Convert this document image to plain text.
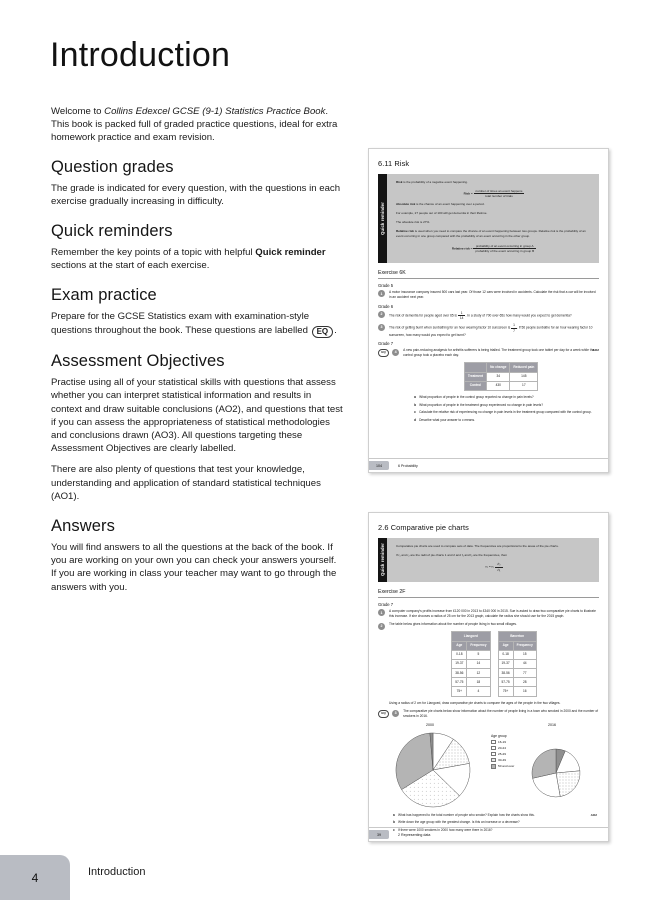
Introduction
Welcome to Collins Edexcel GCSE (9-1) Statistics Practice Book. This book is packed full of graded practice questions, ideal for extra homework practice and exam revision.
Question grades
The grade is indicated for every question, with the questions in each exercise gradually increasing in difficulty.
Quick reminders
Remember the key points of a topic with helpful Quick reminder sections at the start of each exercise.
Exam practice
Prepare for the GCSE Statistics exam with examination-style questions throughout the book. These questions are labelled EQ .
Assessment Objectives
Practise using all of your statistical skills with questions that assess whether you can interpret statistical information and results in context and draw suitable conclusions (AO2), and questions that test if you can assess the appropriateness of statistical methodologies and conclusions drawn (AO3). All questions targeting these Assessment Objectives are clearly labelled.
There are also plenty of questions that test your knowledge, understanding and application of standard statistical techniques (AO1).
Answers
You will find answers to all the questions at the back of the book. If you are working on your own you can check your answers yourself. If you are working in class your teacher may want to go through the answers with you.
6.11 Risk
Quick reminder

Risk is the probability of a negative event happening.

Risk = $\frac{\text{number of times an event happens}}{\text{total number of trials}}$

Absolute risk is the chance of an event happening over a period.

For example, 27 people out of 100 will get dementia in their lifetime.

The absolute risk is 27%.

Relative risk is used when you need to compare the chance of an event happening between two groups. Relative risk is the probability of an event occurring in one group compared with the probability of an event occurring in the other group.

Relative risk = $\frac{\text{probability of an event occurring in group A}}{\text{probability of the event occurring in group B}}$
Exercise 6K
Grade 5
1	A motor insurance company insured 500 cars last year. Of those 12 cars were involved in accidents. Calculate the risk that a car will be involved in an accident next year.
Grade 6
2	The risk of dementia for people aged over 65 is $\frac{1}{14}$ . In a study of 700 over-65s how many would you expect to get dementia?
3	The risk of getting burnt when sunbathing for an hour wearing factor 10 sunscreen is $\frac{1}{7}$ . If 56 people sunbathe for an hour wearing factor 10 sunscreen, how many would you expect to get burnt?
Grade 7
EQ	4	AO2
A new pain-reducing analgesic for arthritis sufferers is being trialled. The treatment group took one tablet per day for a week while the control group took a placebo each day.
	No change	Reduced pain
Treatment	34	145
Control	430	17
a	What proportion of people in the control group reported no change in pain levels?
b What proportion of people in the treatment group experienced no change in pain levels?
c	Calculate the relative risk of experiencing no change in pain levels in the treatment group compared with the control group.
d Describe what your answer to c means.
104	6 Probability
2.6 Comparative pie charts
Quick reminder	Comparative pie charts are used to compare sets of data. The frequencies are proportional to the areas of the pie charts.

If r₁ and r₂ are the radii of pie charts 1 and 2 and f₁ and f₂ are the frequencies, then

$r_2 = r_1 \frac{\text{√f₂}}{\text{√f₁}}$
Exercise 2F
Grade 7
1	A computer company's profits increase from £120 000 in 2013 to £340 000 in 2015. Sue is asked to draw two comparative pie charts to illustrate this increase. If she chooses a radius of 25 cm for the 2013 graph, calculate the radius she should use for the 2015 graph.
2	The table below gives information about the number of people living in two small villages.
Llangoed			Baverton	
Age	Frequency		Age	Frequency
0-18	5		0-18	15
19-37	14		19-37	44
38-56	12		38-56	77
57-75	18		57-75	28
75+	4		75+	16
Using a radius of 2 cm for Llangoed, draw comparative pie charts to compare the ages of the people in the two villages.
EQ	3	The comparative pie charts below show information about the number of people living in a town who smoked in 2000 and the number of smokers in 2016.
2000	2016
Age group
16-19
20-24
25-29
30-49
50 and over
a	What has happened to the total number of people who smoke? Explain how the charts show this.	AO2
b Write down the age group with the greatest change. Is this an increase or a decrease?
c	If there were 1000 smokers in 2000 how many were there in 2016?
39	2 Representing data
4	Introduction
